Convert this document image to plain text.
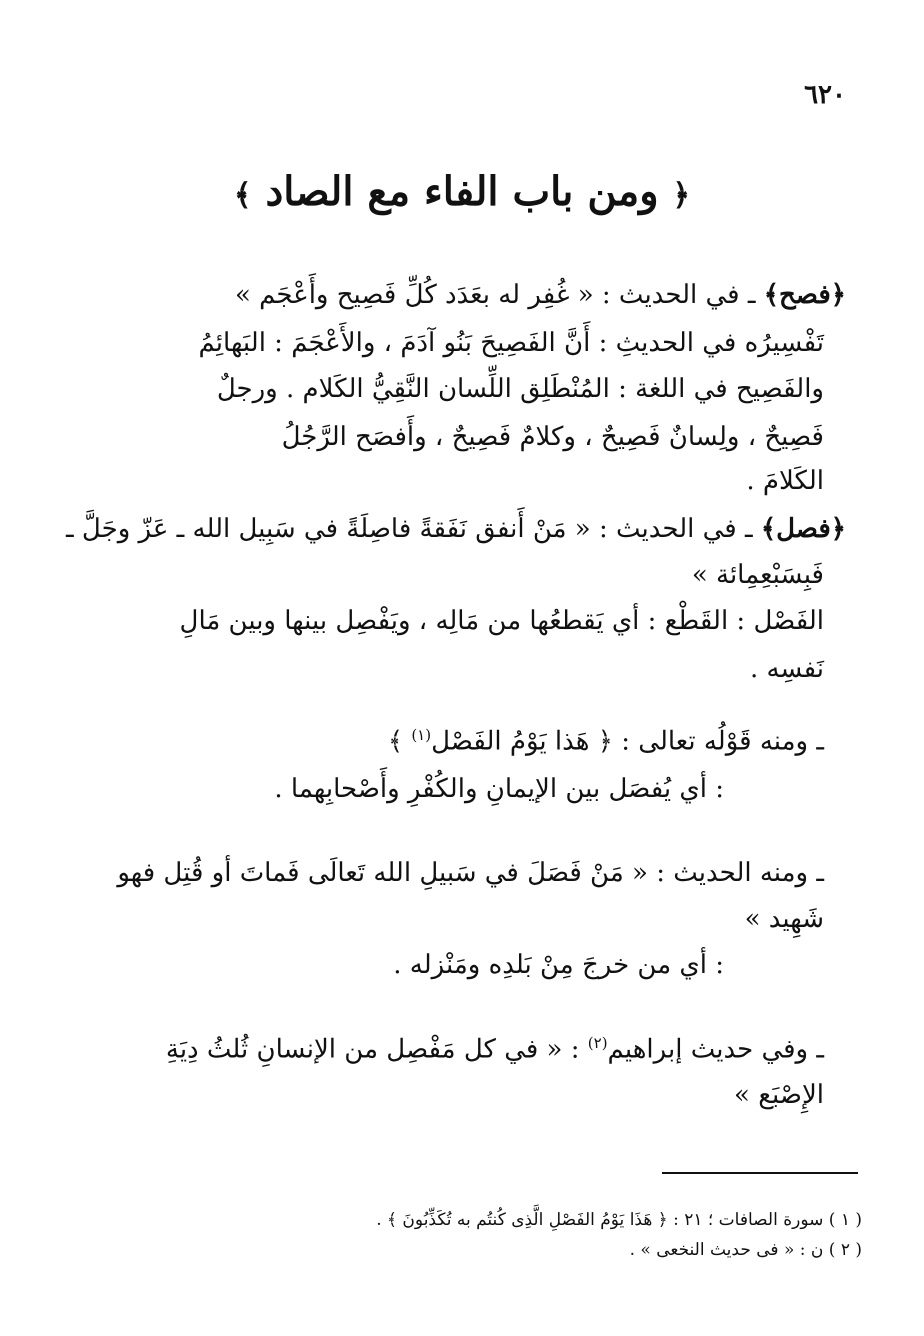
٦٢٠
﴿ ومن باب الفاء مع الصاد ﴾
﴿فصح﴾ ـ في الحديث : « غُفِر له بعَدَد كُلِّ فَصِيح وأَعْجَم »
تَفْسِيرُه في الحديثِ : أَنَّ الفَصِيحَ بَنُو آدَمَ ، والأَعْجَمَ : البَهائِمُ
والفَصِيح في اللغة : المُنْطَلِق اللِّسان النَّقِيُّ الكَلام . ورجلٌ
فَصِيحٌ ، ولِسانٌ فَصِيحٌ ، وكلامٌ فَصِيحٌ ، وأَفصَح الرَّجُلُ
الكَلامَ .
﴿فصل﴾ ـ في الحديث : « مَنْ أَنفق نَفَقةً فاصِلَةً في سَبِيل الله ـ عَزّ وجَلَّ ـ
فَبِسَبْعِمِائة »
الفَصْل : القَطْع : أي يَقطعُها من مَالِه ، ويَفْصِل بينها وبين مَالِ
نَفسِه .
ـ ومنه قَوْلُه تعالى : ﴿ هَذا يَوْمُ الفَصْل$^{(١)}$ ﴾
: أي يُفصَل بين الإيمانِ والكُفْرِ وأَصْحابِهما .
ـ ومنه الحديث : « مَنْ فَصَلَ في سَبيلِ الله تَعالَى فَماتَ أو قُتِل فهو
شَهِيد »
: أي من خرجَ مِنْ بَلدِه ومَنْزله .
ـ وفي حديث إبراهيم$^{(٢)}$ : « في كل مَفْصِل من الإنسانِ ثُلثُ دِيَةِ
الإِصْبَع »
( ١ ) سورة الصافات ؛ ٢١ : ﴿ هَذَا يَوْمُ الفَصْلِ الَّذِى كُنتُم به تُكَذِّبُونَ ﴾ .
( ٢ ) ن : « فى حديث النخعى » .
